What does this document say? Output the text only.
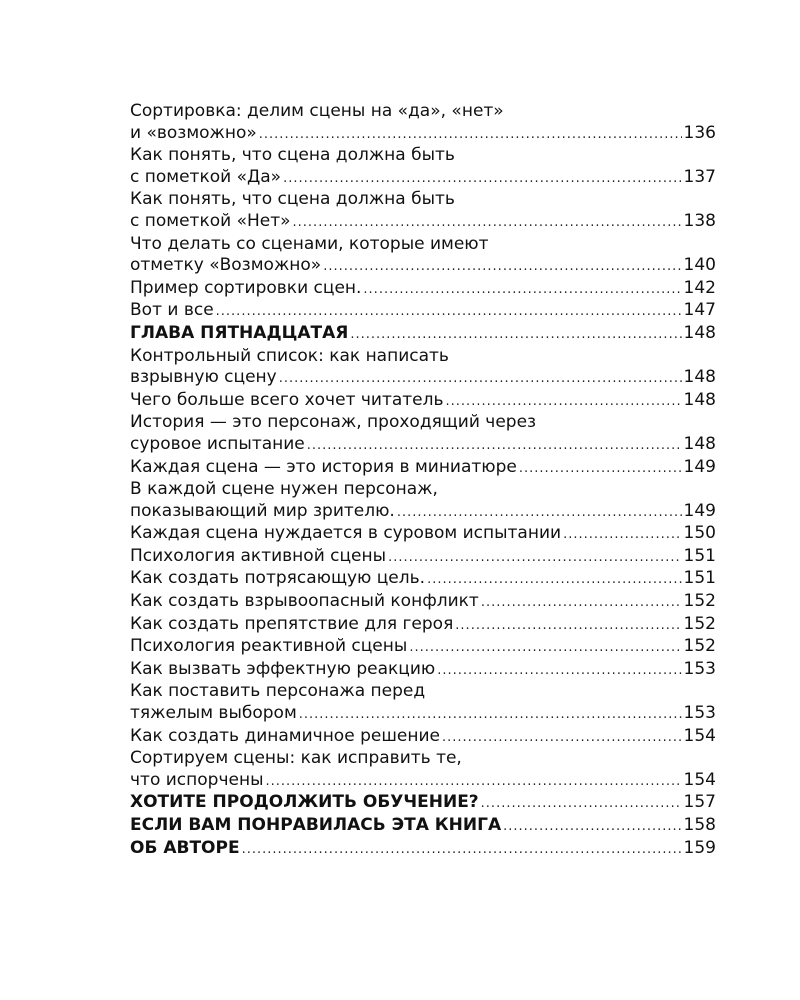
Сортировка: делим сцены на «да», «нет»
и «возможно» .....	136
Как понять, что сцена должна быть
с пометкой «Да» .....	137
Как понять, что сцена должна быть
с пометкой «Нет» .....	138
Что делать со сценами, которые имеют
отметку «Возможно» .....	140
Пример сортировки сцен. .....	142
Вот и все .....	147
ГЛАВА ПЯТНАДЦАТАЯ .....	148
Контрольный список: как написать
взрывную сцену .....	148
Чего больше всего хочет читатель .....	148
История — это персонаж, проходящий через
суровое испытание .....	148
Каждая сцена — это история в миниатюре .....	149
В каждой сцене нужен персонаж,
показывающий мир зрителю. .....	149
Каждая сцена нуждается в суровом испытании .....	150
Психология активной сцены .....	151
Как создать потрясающую цель. .....	151
Как создать взрывоопасный конфликт .....	152
Как создать препятствие для героя .....	152
Психология реактивной сцены .....	152
Как вызвать эффектную реакцию .....	153
Как поставить персонажа перед
тяжелым выбором .....	153
Как создать динамичное решение .....	154
Сортируем сцены: как исправить те,
что испорчены .....	154
ХОТИТЕ ПРОДОЛЖИТЬ ОБУЧЕНИЕ? .....	157
ЕСЛИ ВАМ ПОНРАВИЛАСЬ ЭТА КНИГА .....	158
ОБ АВТОРЕ .....	159
